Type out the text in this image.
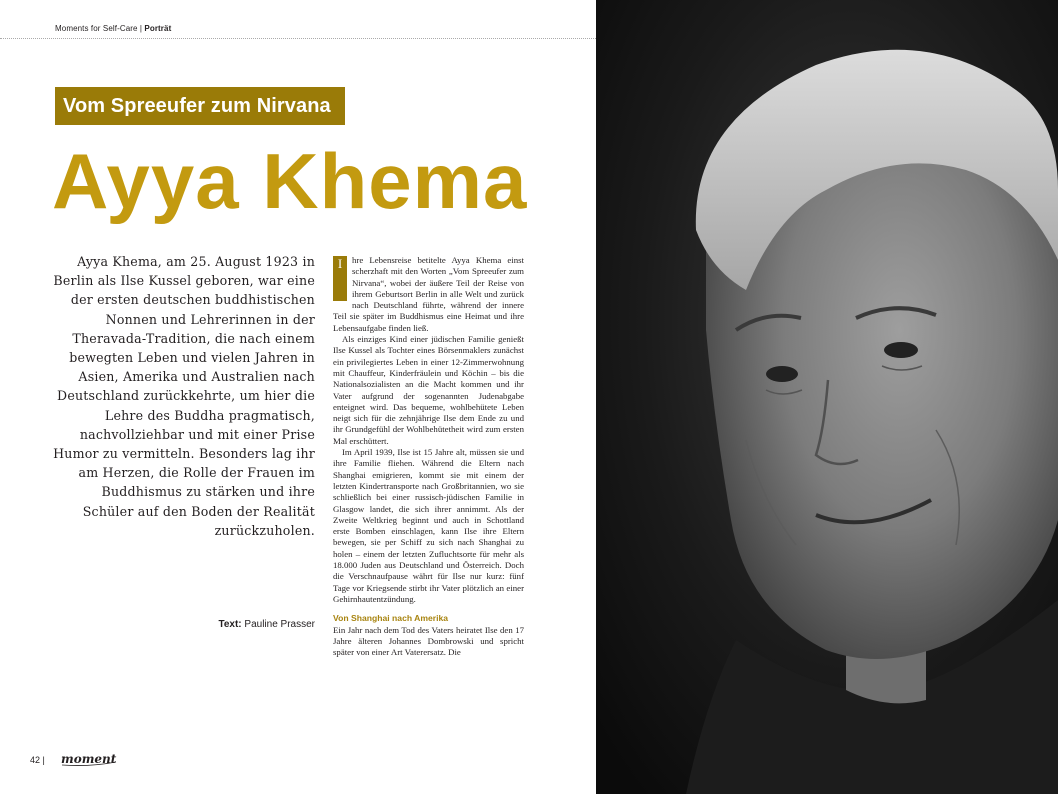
Moments for Self-Care | Porträt
Vom Spreeufer zum Nirvana
Ayya Khema

Ayya Khema, am 25. August 1923 in Berlin als Ilse Kussel geboren, war eine der ersten deutschen buddhistischen Nonnen und Lehrerinnen in der Theravada-Tradition, die nach einem bewegten Leben und vielen Jahren in Asien, Amerika und Australien nach Deutschland zurückkehrte, um hier die Lehre des Buddha pragmatisch, nachvollziehbar und mit einer Prise Humor zu vermitteln. Besonders lag ihr am Herzen, die Rolle der Frauen im Buddhismus zu stärken und ihre Schüler auf den Boden der Realität zurückzuholen.

Text: Pauline Prasser

I	hre Lebensreise betitelte Ayya Khema einst scherzhaft mit den Worten „Vom Spreeufer zum Nirvana“, wobei der äußere Teil der Reise von ihrem Geburtsort Berlin in alle Welt und zurück nach Deutschland führte, während der innere Teil sie später im Buddhismus eine Heimat und ihre Lebensaufgabe finden ließ.

Als einziges Kind einer jüdischen Familie genießt Ilse Kussel als Tochter eines Börsenmaklers zunächst ein privilegiertes Leben in einer 12-Zimmerwohnung mit Chauffeur, Kinderfräulein und Köchin – bis die Nationalsozialisten an die Macht kommen und ihr Vater aufgrund der sogenannten Judenabgabe enteignet wird. Das bequeme, wohlbehütete Leben neigt sich für die zehnjährige Ilse dem Ende zu und ihr Grundgefühl der Wohlbehütetheit wird zum ersten Mal erschüttert.

Im April 1939, Ilse ist 15 Jahre alt, müssen sie und ihre Familie fliehen. Während die Eltern nach Shanghai emigrieren, kommt sie mit einem der letzten Kindertransporte nach Großbritannien, wo sie schließlich bei einer russisch-jüdischen Familie in Glasgow landet, die sich ihrer annimmt. Als der Zweite Weltkrieg beginnt und auch in Schottland erste Bomben einschlagen, kann Ilse ihre Eltern bewegen, sie per Schiff zu sich nach Shanghai zu holen – einem der letzten Zufluchtsorte für mehr als 18.000 Juden aus Deutschland und Österreich. Doch die Verschnaufpause währt für Ilse nur kurz: fünf Tage vor Kriegsende stirbt ihr Vater plötzlich an einer Gehirnhautentzündung.

Von Shanghai nach Amerika

Ein Jahr nach dem Tod des Vaters heiratet Ilse den 17 Jahre älteren Johannes Dombrowski und spricht später von einer Art Vaterersatz. Die

42 | moment
